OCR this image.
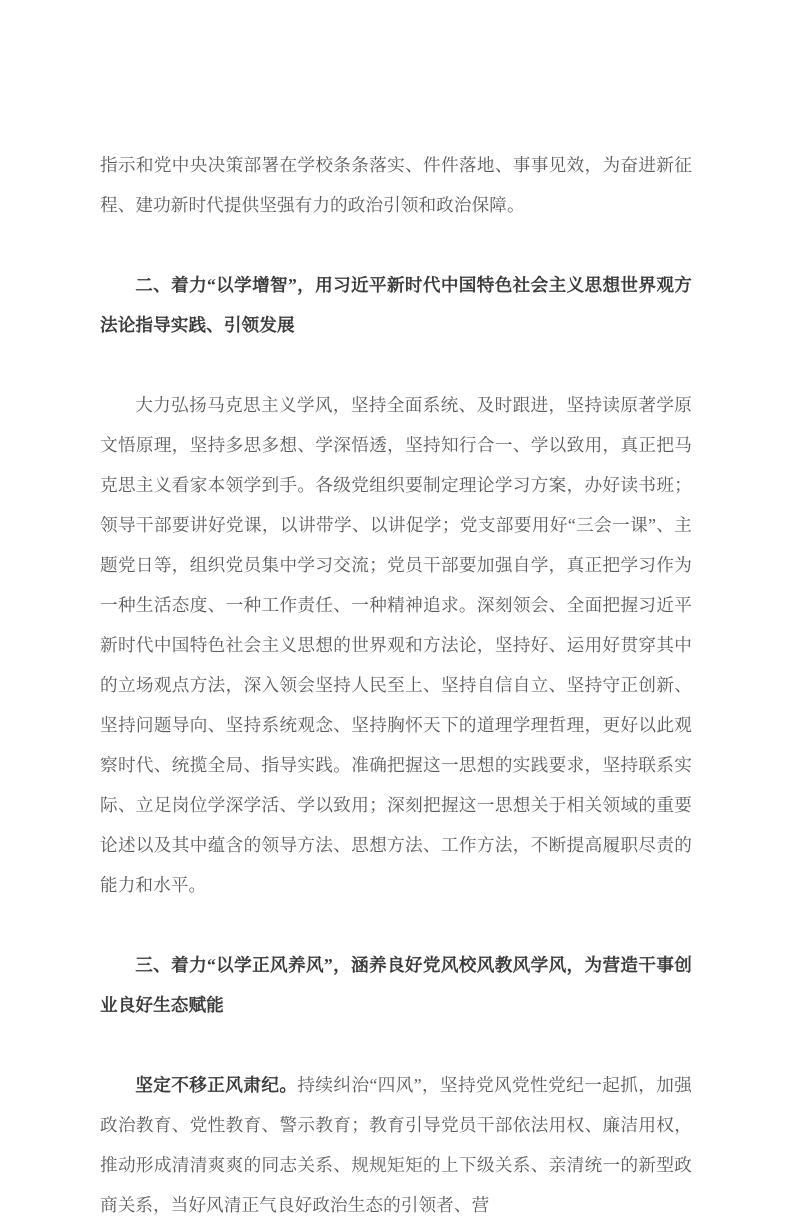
指示和党中央决策部署在学校条条落实、件件落地、事事见效，为奋进新征程、建功新时代提供坚强有力的政治引领和政治保障。

二、着力“以学增智”，用习近平新时代中国特色社会主义思想世界观方法论指导实践、引领发展

大力弘扬马克思主义学风，坚持全面系统、及时跟进，坚持读原著学原文悟原理，坚持多思多想、学深悟透，坚持知行合一、学以致用，真正把马克思主义看家本领学到手。各级党组织要制定理论学习方案，办好读书班；领导干部要讲好党课，以讲带学、以讲促学；党支部要用好“三会一课”、主题党日等，组织党员集中学习交流；党员干部要加强自学，真正把学习作为一种生活态度、一种工作责任、一种精神追求。深刻领会、全面把握习近平新时代中国特色社会主义思想的世界观和方法论，坚持好、运用好贯穿其中的立场观点方法，深入领会坚持人民至上、坚持自信自立、坚持守正创新、坚持问题导向、坚持系统观念、坚持胸怀天下的道理学理哲理，更好以此观察时代、统揽全局、指导实践。准确把握这一思想的实践要求，坚持联系实际、立足岗位学深学活、学以致用；深刻把握这一思想关于相关领域的重要论述以及其中蕴含的领导方法、思想方法、工作方法，不断提高履职尽责的能力和水平。

三、着力“以学正风养风”，涵养良好党风校风教风学风，为营造干事创业良好生态赋能

坚定不移正风肃纪。持续纠治“四风”，坚持党风党性党纪一起抓，加强政治教育、党性教育、警示教育；教育引导党员干部依法用权、廉洁用权，推动形成清清爽爽的同志关系、规规矩矩的上下级关系、亲清统一的新型政商关系，当好风清正气良好政治生态的引领者、营
